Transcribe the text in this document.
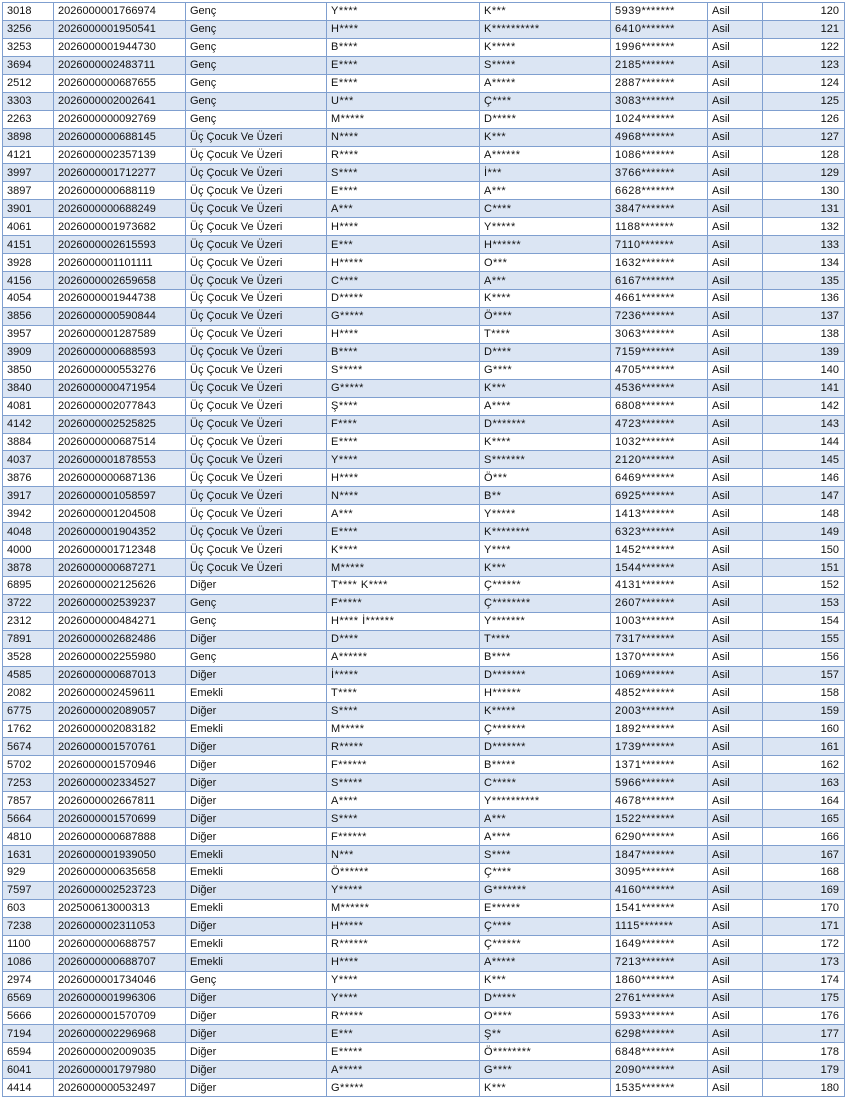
3018	2026000001766974	Genç	Y****	K***	5939*******	Asil	120
3256	2026000001950541	Genç	H****	K**********	6410*******	Asil	121
3253	2026000001944730	Genç	B****	K*****	1996*******	Asil	122
3694	2026000002483711	Genç	E****	S*****	2185*******	Asil	123
2512	2026000000687655	Genç	E****	A*****	2887*******	Asil	124
3303	2026000002002641	Genç	U***	Ç****	3083*******	Asil	125
2263	2026000000092769	Genç	M*****	D*****	1024*******	Asil	126
3898	2026000000688145	Üç Çocuk Ve Üzeri	N****	K***	4968*******	Asil	127
4121	2026000002357139	Üç Çocuk Ve Üzeri	R****	A******	1086*******	Asil	128
3997	2026000001712277	Üç Çocuk Ve Üzeri	S****	İ***	3766*******	Asil	129
3897	2026000000688119	Üç Çocuk Ve Üzeri	E****	A***	6628*******	Asil	130
3901	2026000000688249	Üç Çocuk Ve Üzeri	A***	C****	3847*******	Asil	131
4061	2026000001973682	Üç Çocuk Ve Üzeri	H****	Y*****	1188*******	Asil	132
4151	2026000002615593	Üç Çocuk Ve Üzeri	E***	H******	7110*******	Asil	133
3928	2026000001101111	Üç Çocuk Ve Üzeri	H*****	O***	1632*******	Asil	134
4156	2026000002659658	Üç Çocuk Ve Üzeri	C****	A***	6167*******	Asil	135
4054	2026000001944738	Üç Çocuk Ve Üzeri	D*****	K****	4661*******	Asil	136
3856	2026000000590844	Üç Çocuk Ve Üzeri	G*****	Ö****	7236*******	Asil	137
3957	2026000001287589	Üç Çocuk Ve Üzeri	H****	T****	3063*******	Asil	138
3909	2026000000688593	Üç Çocuk Ve Üzeri	B****	D****	7159*******	Asil	139
3850	2026000000553276	Üç Çocuk Ve Üzeri	S*****	G****	4705*******	Asil	140
3840	2026000000471954	Üç Çocuk Ve Üzeri	G*****	K***	4536*******	Asil	141
4081	2026000002077843	Üç Çocuk Ve Üzeri	Ş****	A****	6808*******	Asil	142
4142	2026000002525825	Üç Çocuk Ve Üzeri	F****	D*******	4723*******	Asil	143
3884	2026000000687514	Üç Çocuk Ve Üzeri	E****	K****	1032*******	Asil	144
4037	2026000001878553	Üç Çocuk Ve Üzeri	Y****	S*******	2120*******	Asil	145
3876	2026000000687136	Üç Çocuk Ve Üzeri	H****	Ö***	6469*******	Asil	146
3917	2026000001058597	Üç Çocuk Ve Üzeri	N****	B**	6925*******	Asil	147
3942	2026000001204508	Üç Çocuk Ve Üzeri	A***	Y*****	1413*******	Asil	148
4048	2026000001904352	Üç Çocuk Ve Üzeri	E****	K********	6323*******	Asil	149
4000	2026000001712348	Üç Çocuk Ve Üzeri	K****	Y****	1452*******	Asil	150
3878	2026000000687271	Üç Çocuk Ve Üzeri	M*****	K***	1544*******	Asil	151
6895	2026000002125626	Diğer	T**** K****	Ç******	4131*******	Asil	152
3722	2026000002539237	Genç	F*****	Ç********	2607*******	Asil	153
2312	2026000000484271	Genç	H**** İ******	Y*******	1003*******	Asil	154
7891	2026000002682486	Diğer	D****	T****	7317*******	Asil	155
3528	2026000002255980	Genç	A******	B****	1370*******	Asil	156
4585	2026000000687013	Diğer	İ*****	D*******	1069*******	Asil	157
2082	2026000002459611	Emekli	T****	H******	4852*******	Asil	158
6775	2026000002089057	Diğer	S****	K*****	2003*******	Asil	159
1762	2026000002083182	Emekli	M*****	Ç*******	1892*******	Asil	160
5674	2026000001570761	Diğer	R*****	D*******	1739*******	Asil	161
5702	2026000001570946	Diğer	F******	B*****	1371*******	Asil	162
7253	2026000002334527	Diğer	S*****	C*****	5966*******	Asil	163
7857	2026000002667811	Diğer	A****	Y**********	4678*******	Asil	164
5664	2026000001570699	Diğer	S****	A***	1522*******	Asil	165
4810	2026000000687888	Diğer	F******	A****	6290*******	Asil	166
1631	2026000001939050	Emekli	N***	S****	1847*******	Asil	167
929	2026000000635658	Emekli	Ö******	Ç****	3095*******	Asil	168
7597	2026000002523723	Diğer	Y*****	G*******	4160*******	Asil	169
603	202500613000313	Emekli	M******	E******	1541*******	Asil	170
7238	2026000002311053	Diğer	H*****	Ç****	1115*******	Asil	171
1100	2026000000688757	Emekli	R******	Ç******	1649*******	Asil	172
1086	2026000000688707	Emekli	H****	A*****	7213*******	Asil	173
2974	2026000001734046	Genç	Y****	K***	1860*******	Asil	174
6569	2026000001996306	Diğer	Y****	D*****	2761*******	Asil	175
5666	2026000001570709	Diğer	R*****	O****	5933*******	Asil	176
7194	2026000002296968	Diğer	E***	Ş**	6298*******	Asil	177
6594	2026000002009035	Diğer	E*****	Ö********	6848*******	Asil	178
6041	2026000001797980	Diğer	A*****	G****	2090*******	Asil	179
4414	2026000000532497	Diğer	G*****	K***	1535*******	Asil	180
